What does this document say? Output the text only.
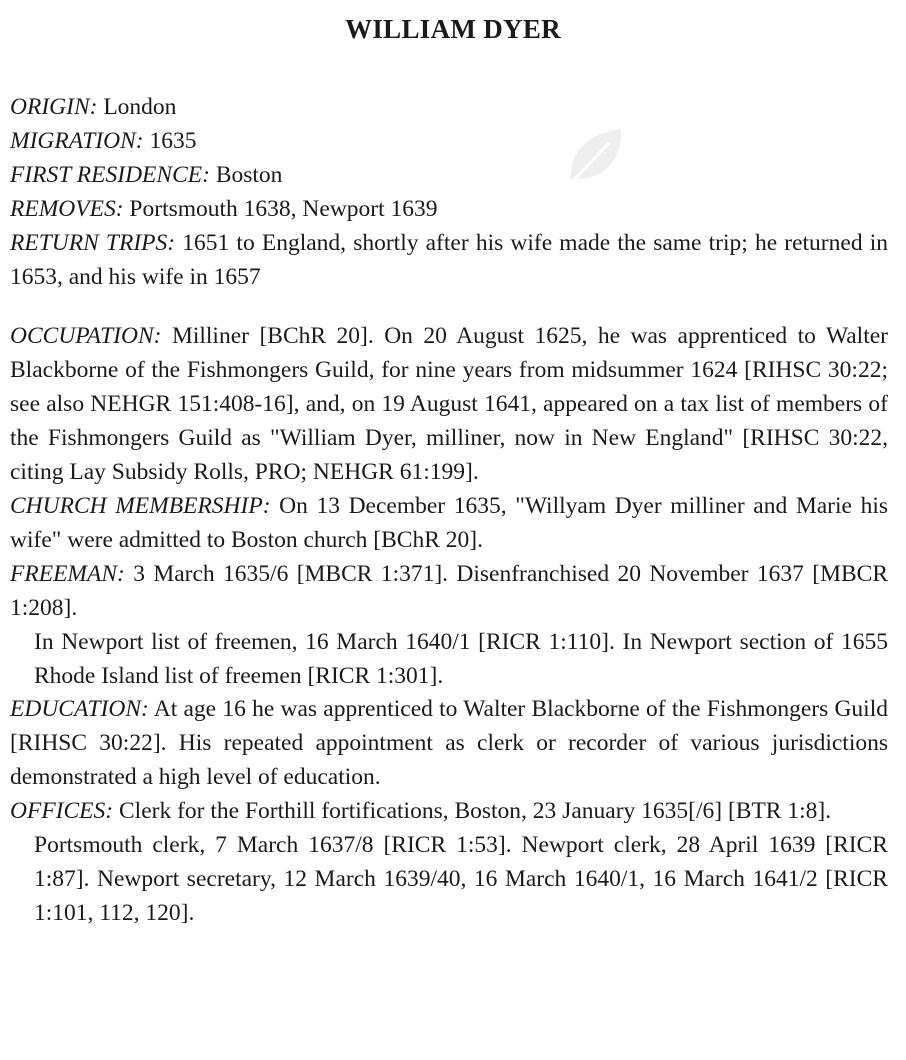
WILLIAM DYER

ORIGIN: London

MIGRATION: 1635

FIRST RESIDENCE: Boston

REMOVES: Portsmouth 1638, Newport 1639

RETURN TRIPS: 1651 to England, shortly after his wife made the same trip; he returned in 1653, and his wife in 1657

OCCUPATION: Milliner [BChR 20]. On 20 August 1625, he was apprenticed to Walter Blackborne of the Fishmongers Guild, for nine years from midsummer 1624 [RIHSC 30:22; see also NEHGR 151:408-16], and, on 19 August 1641, appeared on a tax list of members of the Fishmongers Guild as "William Dyer, milliner, now in New England" [RIHSC 30:22, citing Lay Subsidy Rolls, PRO; NEHGR 61:199].

CHURCH MEMBERSHIP: On 13 December 1635, "Willyam Dyer milliner and Marie his wife" were admitted to Boston church [BChR 20].

FREEMAN: 3 March 1635/6 [MBCR 1:371]. Disenfranchised 20 November 1637 [MBCR 1:208].

In Newport list of freemen, 16 March 1640/1 [RICR 1:110]. In Newport section of 1655 Rhode Island list of freemen [RICR 1:301].

EDUCATION: At age 16 he was apprenticed to Walter Blackborne of the Fishmongers Guild [RIHSC 30:22]. His repeated appointment as clerk or recorder of various jurisdictions demonstrated a high level of education.

OFFICES: Clerk for the Forthill fortifications, Boston, 23 January 1635[/6] [BTR 1:8].

Portsmouth clerk, 7 March 1637/8 [RICR 1:53]. Newport clerk, 28 April 1639 [RICR 1:87]. Newport secretary, 12 March 1639/40, 16 March 1640/1, 16 March 1641/2 [RICR 1:101, 112, 120].
